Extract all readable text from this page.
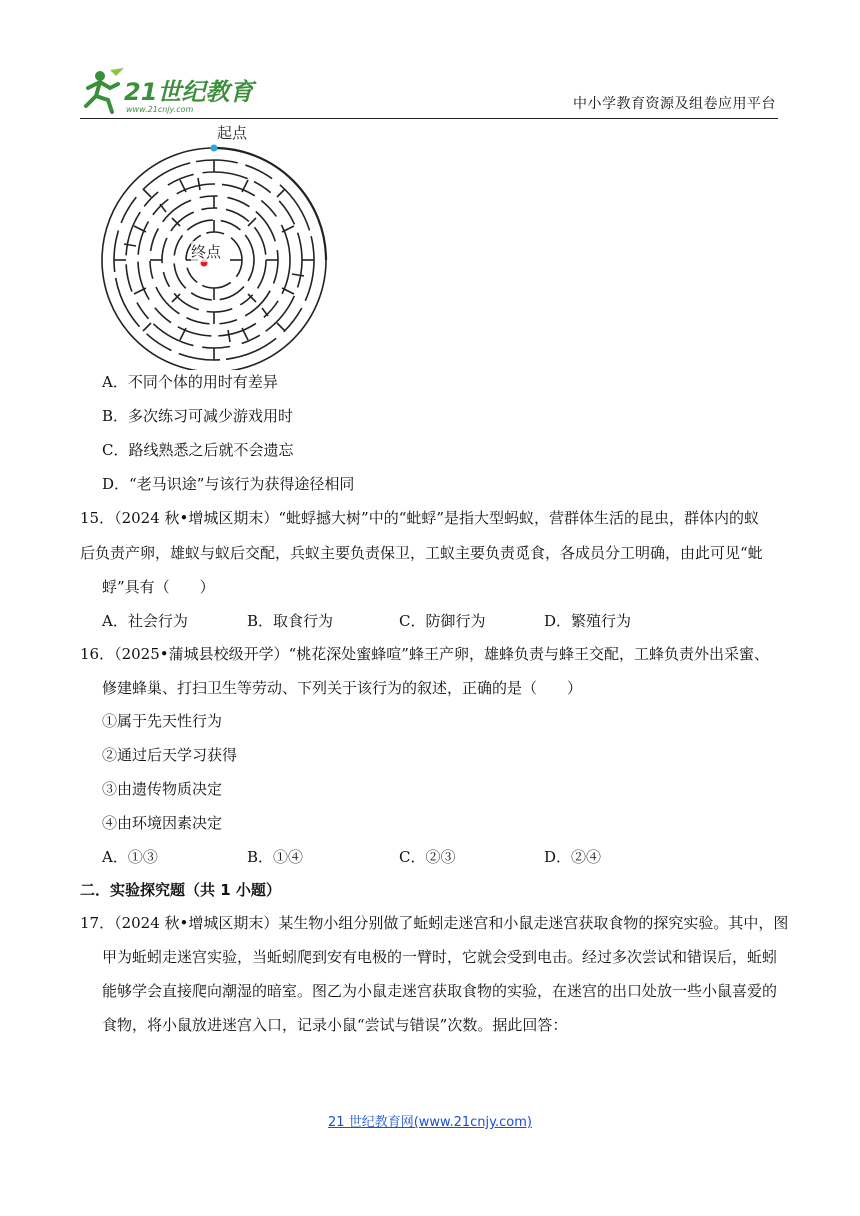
21世纪教育
www.21cnjy.com	中小学教育资源及组卷应用平台
起点
终点
A．不同个体的用时有差异
B．多次练习可减少游戏用时
C．路线熟悉之后就不会遗忘
D．“老马识途”与该行为获得途径相同
15．（2024 秋•增城区期末）“蚍蜉撼大树”中的“蚍蜉”是指大型蚂蚁，营群体生活的昆虫，群体内的蚁
后负责产卵，雄蚁与蚁后交配，兵蚁主要负责保卫，工蚁主要负责觅食，各成员分工明确，由此可见“蚍
蜉”具有（　　）
A．社会行为	B．取食行为	C．防御行为	D．繁殖行为
16．（2025•蒲城县校级开学）“桃花深处蜜蜂喧”蜂王产卵，雄蜂负责与蜂王交配，工蜂负责外出采蜜、
修建蜂巢、打扫卫生等劳动、下列关于该行为的叙述，正确的是（　　）
①属于先天性行为
②通过后天学习获得
③由遗传物质决定
④由环境因素决定
A．①③	B．①④	C．②③	D．②④
二．实验探究题（共 1 小题）
17．（2024 秋•增城区期末）某生物小组分别做了蚯蚓走迷宫和小鼠走迷宫获取食物的探究实验。其中，图
甲为蚯蚓走迷宫实验，当蚯蚓爬到安有电极的一臂时，它就会受到电击。经过多次尝试和错误后，蚯蚓
能够学会直接爬向潮湿的暗室。图乙为小鼠走迷宫获取食物的实验，在迷宫的出口处放一些小鼠喜爱的
食物，将小鼠放进迷宫入口，记录小鼠“尝试与错误”次数。据此回答：
21 世纪教育网(www.21cnjy.com)
